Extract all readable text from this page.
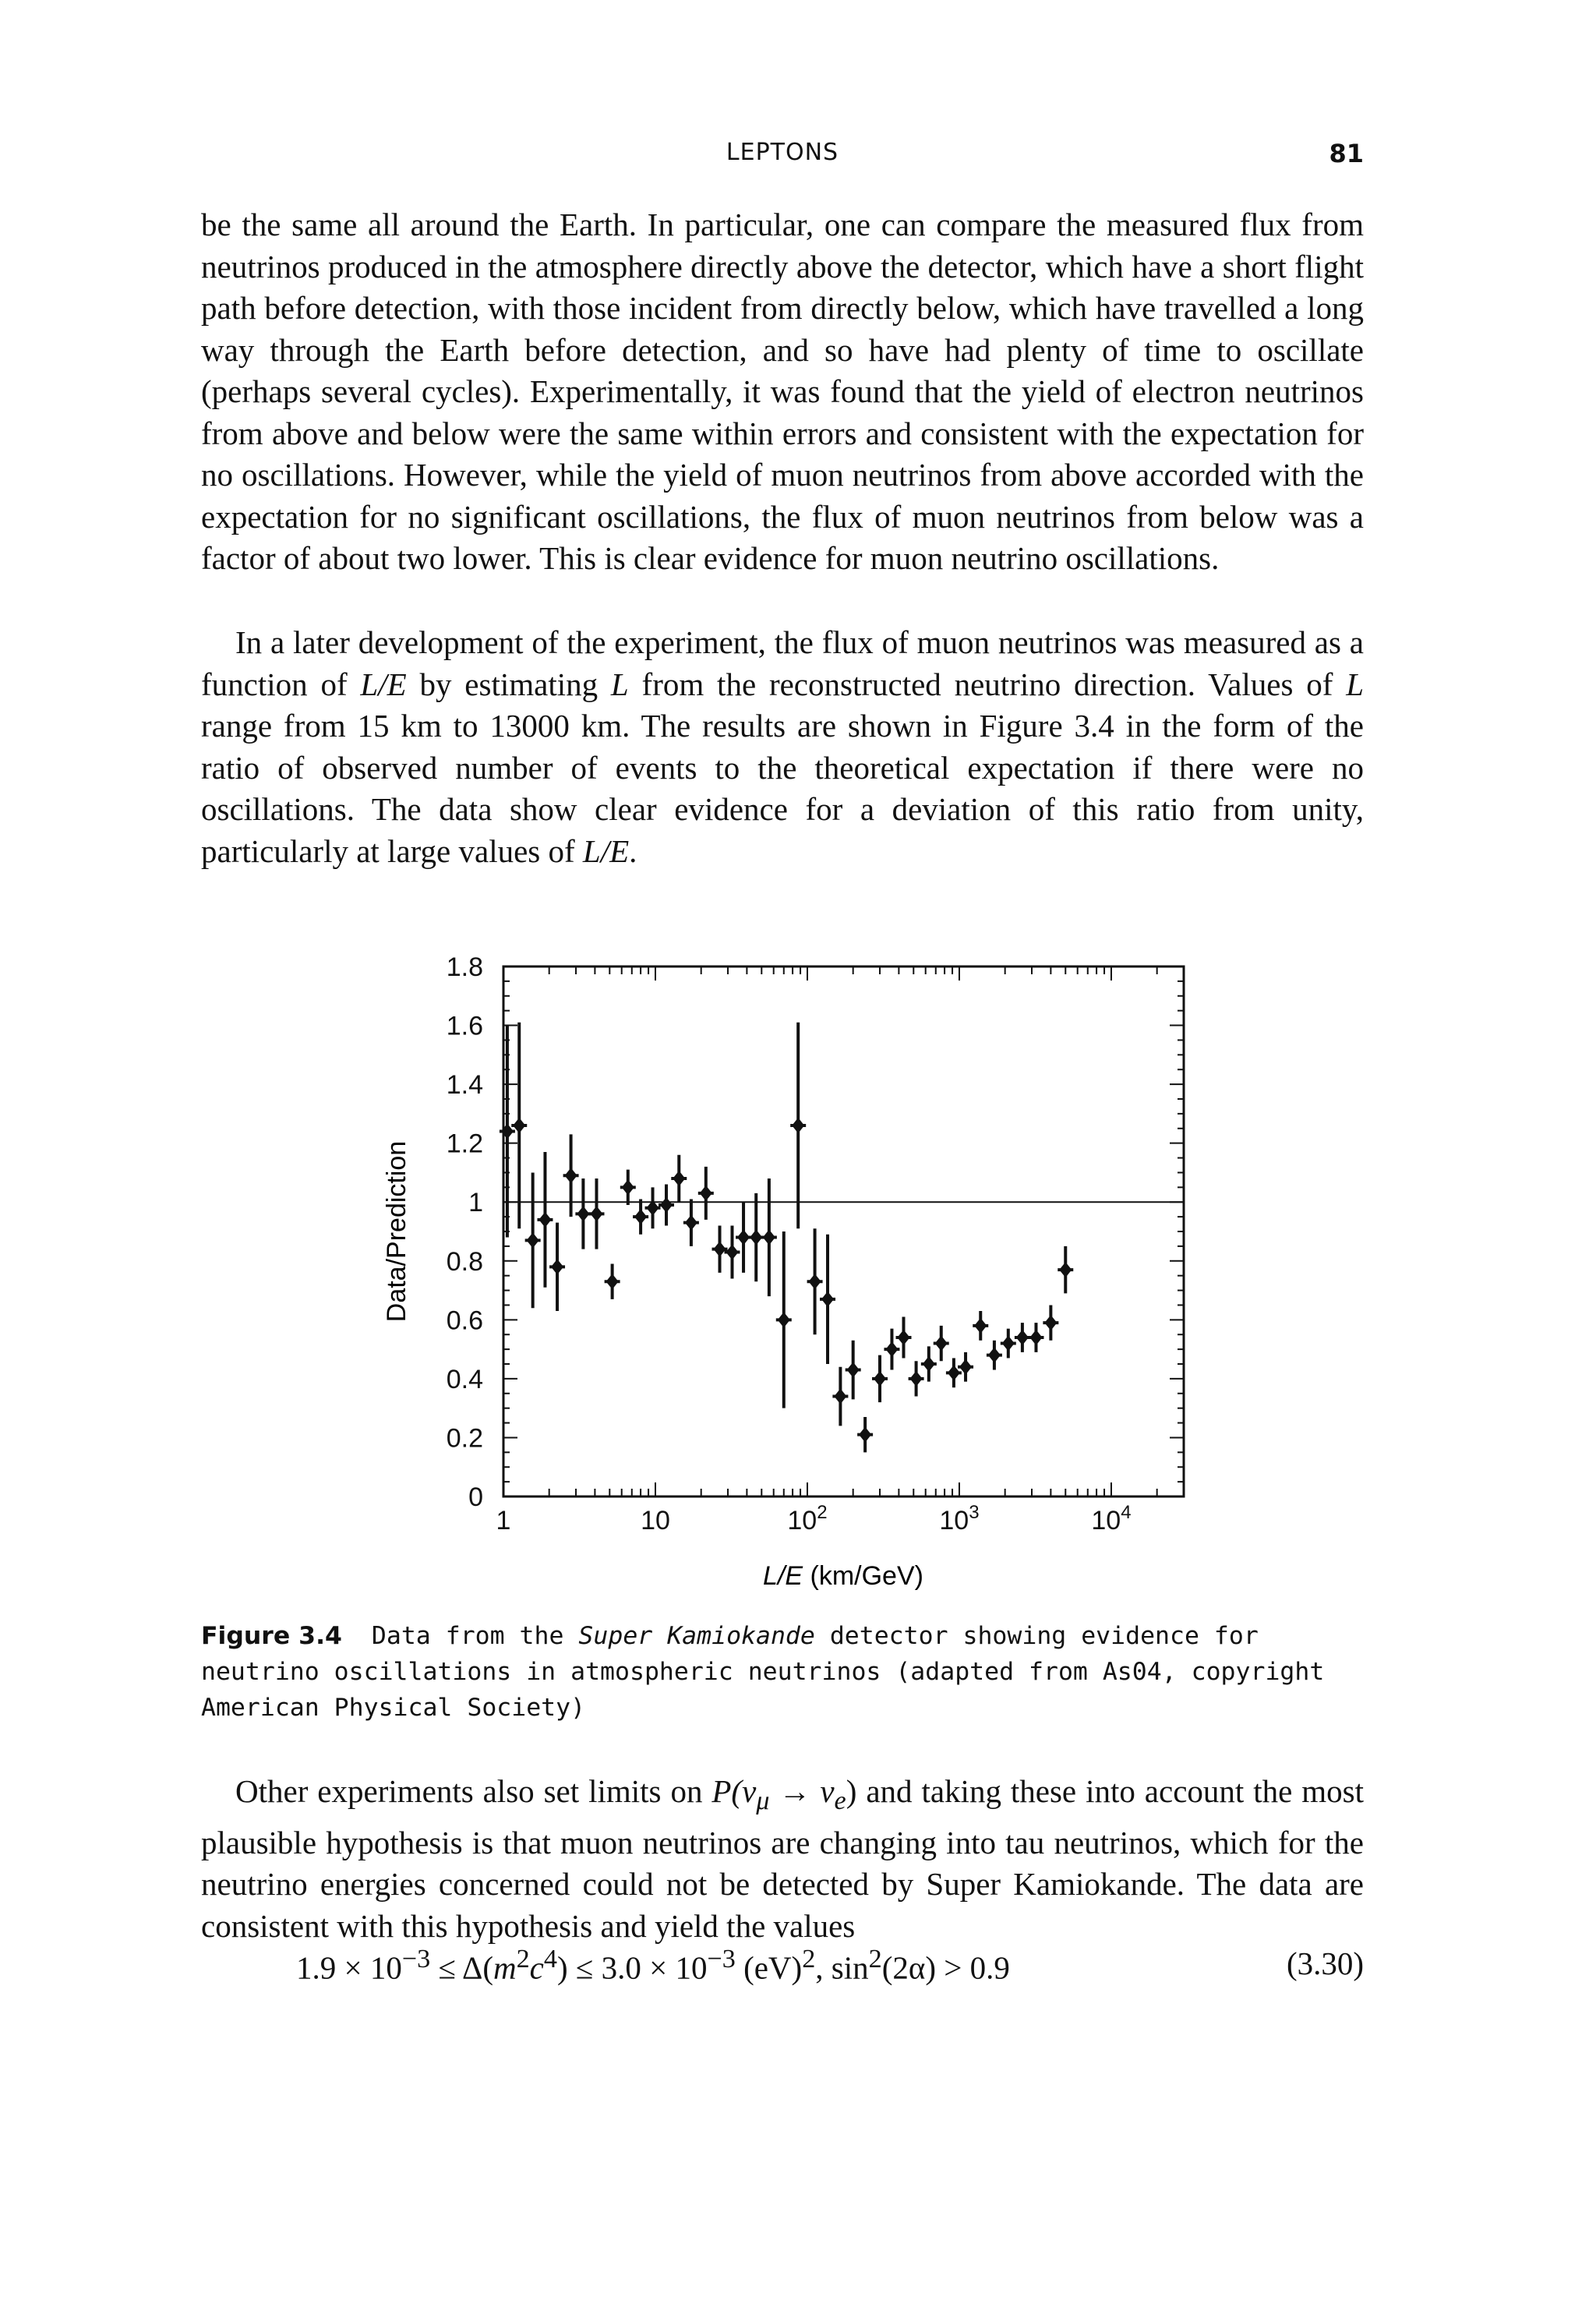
LEPTONS	81

be the same all around the Earth. In particular, one can compare the measured flux from neutrinos produced in the atmosphere directly above the detector, which have a short flight path before detection, with those incident from directly below, which have travelled a long way through the Earth before detection, and so have had plenty of time to oscillate (perhaps several cycles). Experimentally, it was found that the yield of electron neutrinos from above and below were the same within errors and consistent with the expectation for no oscillations. However, while the yield of muon neutrinos from above accorded with the expectation for no significant oscillations, the flux of muon neutrinos from below was a factor of about two lower. This is clear evidence for muon neutrino oscillations.

In a later development of the experiment, the flux of muon neutrinos was measured as a function of L/E by estimating L from the reconstructed neutrino direction. Values of L range from 15 km to 13000 km. The results are shown in Figure 3.4 in the form of the ratio of observed number of events to the theoretical expectation if there were no oscillations. The data show clear evidence for a deviation of this ratio from unity, particularly at large values of L/E.

0
0.2
0.4
0.6
0.8
1
1.2
1.4
1.6
1.8
1	10	$10^2$	$10^3$	$10^4$
Data/Prediction
L/E (km/GeV)
Figure 3.4 Data from the Super Kamiokande detector showing evidence for neutrino oscillations in atmospheric neutrinos (adapted from As04, copyright American Physical Society)

Other experiments also set limits on $P(\nu_\mu \to \nu_e)$ and taking these into account the most plausible hypothesis is that muon neutrinos are changing into tau neutrinos, which for the neutrino energies concerned could not be detected by Super Kamiokande. The data are consistent with this hypothesis and yield the values

$1.9 \times 10^{-3} \le \Delta(m^2c^4) \le 3.0 \times 10^{-3}$ (eV)$^2$, $\sin^2(2\alpha) > 0.9$	(3.30)
